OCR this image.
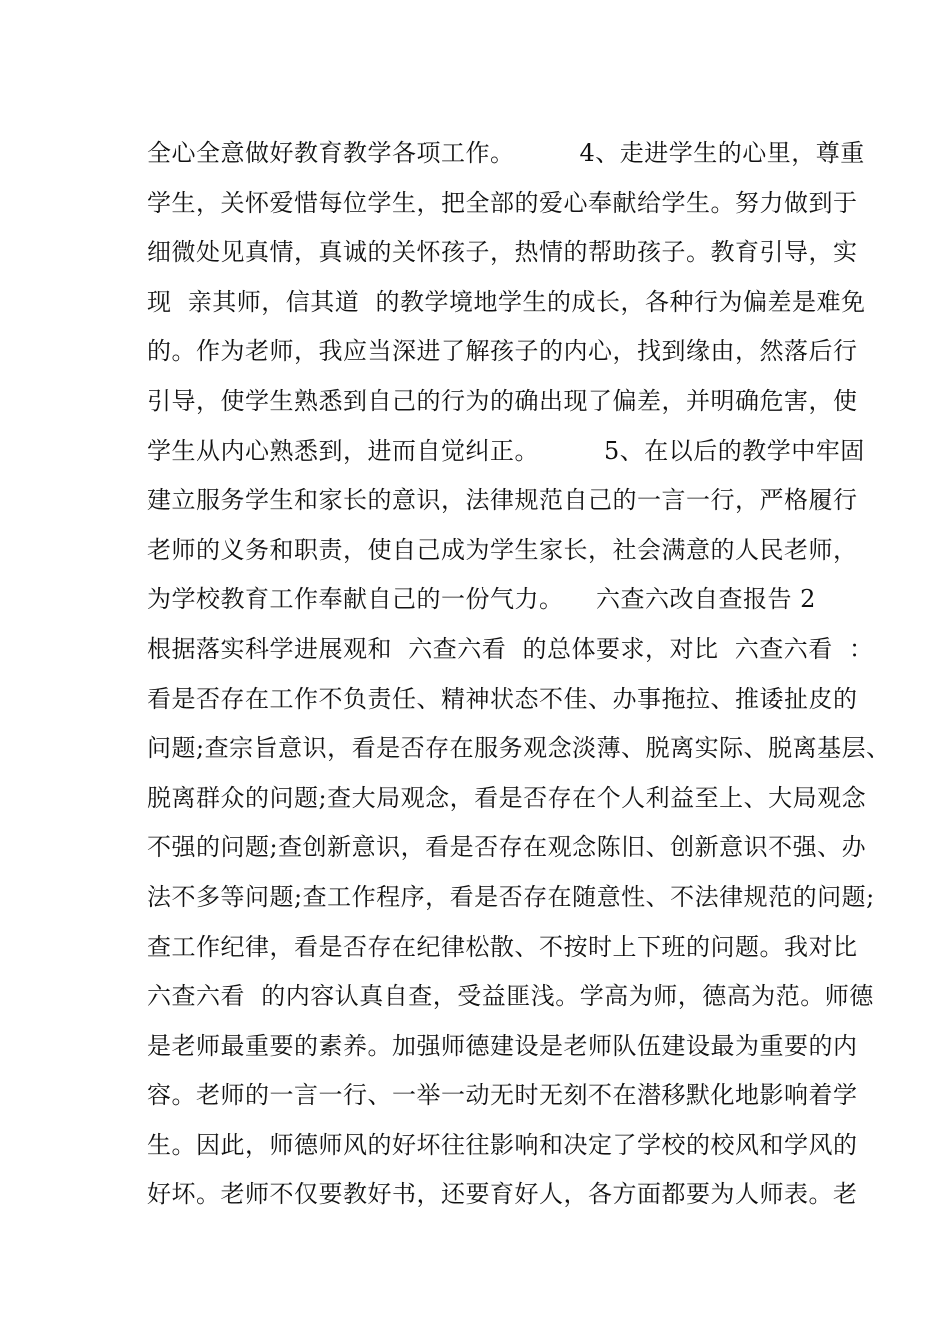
全心全意做好教育教学各项工作。        4、走进学生的心里，尊重
学生，关怀爱惜每位学生，把全部的爱心奉献给学生。努力做到于
细微处见真情，真诚的关怀孩子，热情的帮助孩子。教育引导，实
现  亲其师，信其道  的教学境地学生的成长，各种行为偏差是难免
的。作为老师，我应当深进了解孩子的内心，找到缘由，然落后行
引导，使学生熟悉到自己的行为的确出现了偏差，并明确危害，使
学生从内心熟悉到，进而自觉纠正。        5、在以后的教学中牢固
建立服务学生和家长的意识，法律规范自己的一言一行，严格履行
老师的义务和职责，使自己成为学生家长，社会满意的人民老师，
为学校教育工作奉献自己的一份气力。    六查六改自查报告 2
根据落实科学进展观和  六查六看  的总体要求，对比  六查六看  ：
看是否存在工作不负责任、精神状态不佳、办事拖拉、推诿扯皮的
问题;查宗旨意识，看是否存在服务观念淡薄、脱离实际、脱离基层、
脱离群众的问题;查大局观念，看是否存在个人利益至上、大局观念
不强的问题;查创新意识，看是否存在观念陈旧、创新意识不强、办
法不多等问题;查工作程序，看是否存在随意性、不法律规范的问题;
查工作纪律，看是否存在纪律松散、不按时上下班的问题。我对比
六查六看  的内容认真自查，受益匪浅。学高为师，德高为范。师德
是老师最重要的素养。加强师德建设是老师队伍建设最为重要的内
容。老师的一言一行、一举一动无时无刻不在潜移默化地影响着学
生。因此，师德师风的好坏往往影响和决定了学校的校风和学风的
好坏。老师不仅要教好书，还要育好人，各方面都要为人师表。老
